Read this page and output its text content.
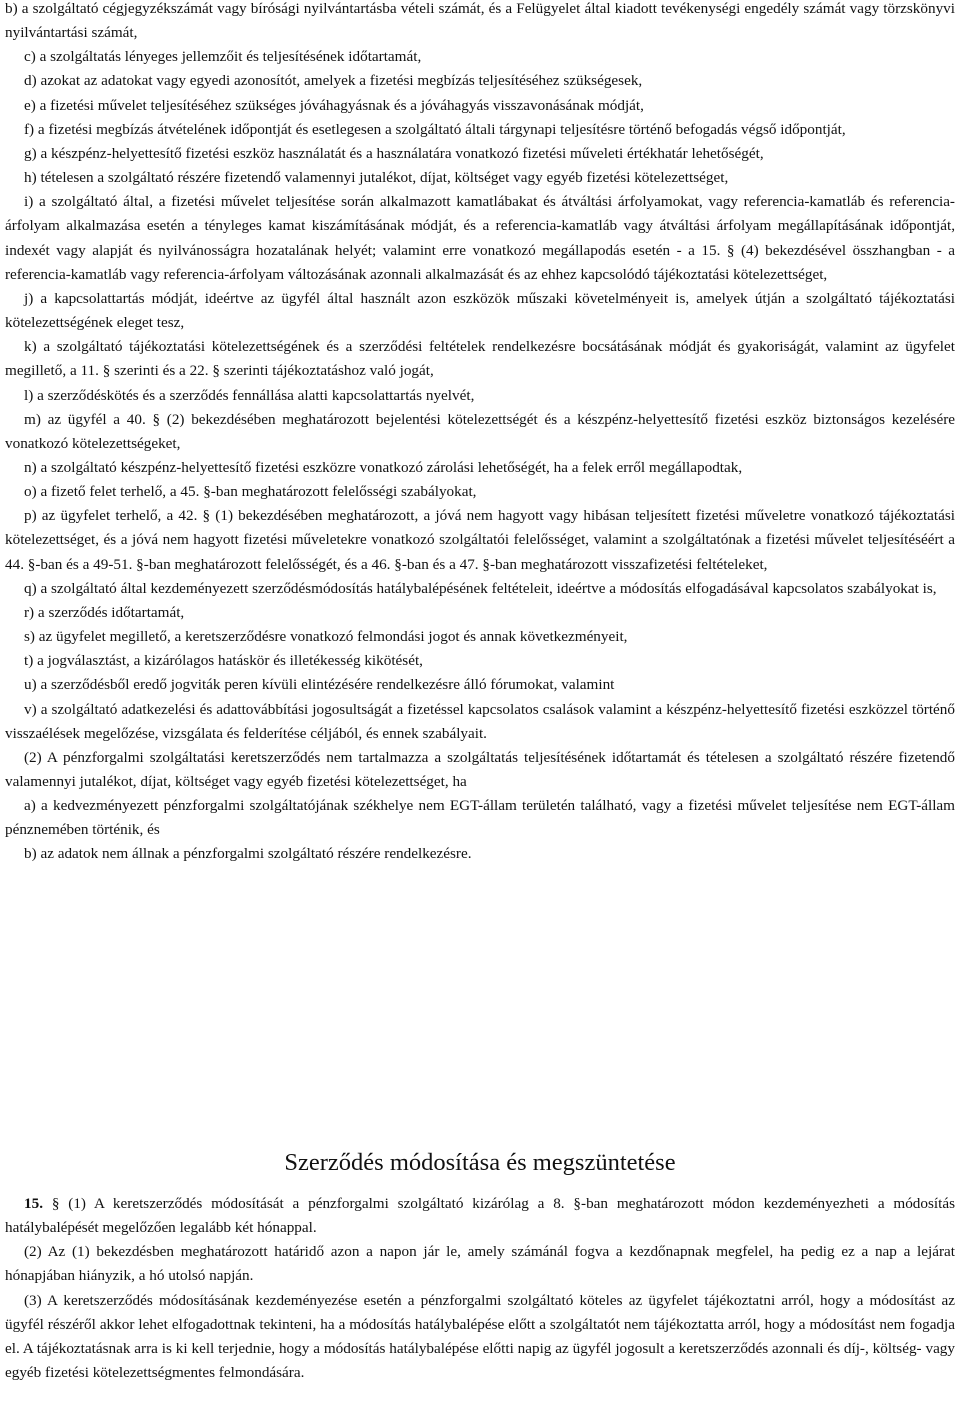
b) a szolgáltató cégjegyzékszámát vagy bírósági nyilvántartásba vételi számát, és a Felügyelet által kiadott tevékenységi engedély számát vagy törzskönyvi nyilvántartási számát,

c) a szolgáltatás lényeges jellemzőit és teljesítésének időtartamát,

d) azokat az adatokat vagy egyedi azonosítót, amelyek a fizetési megbízás teljesítéséhez szükségesek,

e) a fizetési művelet teljesítéséhez szükséges jóváhagyásnak és a jóváhagyás visszavonásának módját,

f) a fizetési megbízás átvételének időpontját és esetlegesen a szolgáltató általi tárgynapi teljesítésre történő befogadás végső időpontját,

g) a készpénz-helyettesítő fizetési eszköz használatát és a használatára vonatkozó fizetési műveleti értékhatár lehetőségét,

h) tételesen a szolgáltató részére fizetendő valamennyi jutalékot, díjat, költséget vagy egyéb fizetési kötelezettséget,

i) a szolgáltató által, a fizetési művelet teljesítése során alkalmazott kamatlábakat és átváltási árfolyamokat, vagy referencia-kamatláb és referencia-árfolyam alkalmazása esetén a tényleges kamat kiszámításának módját, és a referencia-kamatláb vagy átváltási árfolyam megállapításának időpontját, indexét vagy alapját és nyilvánosságra hozatalának helyét; valamint erre vonatkozó megállapodás esetén - a 15. § (4) bekezdésével összhangban - a referencia-kamatláb vagy referencia-árfolyam változásának azonnali alkalmazását és az ehhez kapcsolódó tájékoztatási kötelezettséget,

j) a kapcsolattartás módját, ideértve az ügyfél által használt azon eszközök műszaki követelményeit is, amelyek útján a szolgáltató tájékoztatási kötelezettségének eleget tesz,

k) a szolgáltató tájékoztatási kötelezettségének és a szerződési feltételek rendelkezésre bocsátásának módját és gyakoriságát, valamint az ügyfelet megillető, a 11. § szerinti és a 22. § szerinti tájékoztatáshoz való jogát,

l) a szerződéskötés és a szerződés fennállása alatti kapcsolattartás nyelvét,

m) az ügyfél a 40. § (2) bekezdésében meghatározott bejelentési kötelezettségét és a készpénz-helyettesítő fizetési eszköz biztonságos kezelésére vonatkozó kötelezettségeket,

n) a szolgáltató készpénz-helyettesítő fizetési eszközre vonatkozó zárolási lehetőségét, ha a felek erről megállapodtak,

o) a fizető felet terhelő, a 45. §-ban meghatározott felelősségi szabályokat,

p) az ügyfelet terhelő, a 42. § (1) bekezdésében meghatározott, a jóvá nem hagyott vagy hibásan teljesített fizetési műveletre vonatkozó tájékoztatási kötelezettséget, és a jóvá nem hagyott fizetési műveletekre vonatkozó szolgáltatói felelősséget, valamint a szolgáltatónak a fizetési művelet teljesítéséért a 44. §-ban és a 49-51. §-ban meghatározott felelősségét, és a 46. §-ban és a 47. §-ban meghatározott visszafizetési feltételeket,

q) a szolgáltató által kezdeményezett szerződésmódosítás hatálybalépésének feltételeit, ideértve a módosítás elfogadásával kapcsolatos szabályokat is,

r) a szerződés időtartamát,

s) az ügyfelet megillető, a keretszerződésre vonatkozó felmondási jogot és annak következményeit,

t) a jogválasztást, a kizárólagos hatáskör és illetékesség kikötését,

u) a szerződésből eredő jogviták peren kívüli elintézésére rendelkezésre álló fórumokat, valamint

v) a szolgáltató adatkezelési és adattovábbítási jogosultságát a fizetéssel kapcsolatos csalások valamint a készpénz-helyettesítő fizetési eszközzel történő visszaélések megelőzése, vizsgálata és felderítése céljából, és ennek szabályait.

(2) A pénzforgalmi szolgáltatási keretszerződés nem tartalmazza a szolgáltatás teljesítésének időtartamát és tételesen a szolgáltató részére fizetendő valamennyi jutalékot, díjat, költséget vagy egyéb fizetési kötelezettséget, ha

a) a kedvezményezett pénzforgalmi szolgáltatójának székhelye nem EGT-állam területén található, vagy a fizetési művelet teljesítése nem EGT-állam pénznemében történik, és

b) az adatok nem állnak a pénzforgalmi szolgáltató részére rendelkezésre.

Szerződés módosítása és megszüntetése

15. § (1) A keretszerződés módosítását a pénzforgalmi szolgáltató kizárólag a 8. §-ban meghatározott módon kezdeményezheti a módosítás hatálybalépését megelőzően legalább két hónappal.

(2) Az (1) bekezdésben meghatározott határidő azon a napon jár le, amely számánál fogva a kezdőnapnak megfelel, ha pedig ez a nap a lejárat hónapjában hiányzik, a hó utolsó napján.

(3) A keretszerződés módosításának kezdeményezése esetén a pénzforgalmi szolgáltató köteles az ügyfelet tájékoztatni arról, hogy a módosítást az ügyfél részéről akkor lehet elfogadottnak tekinteni, ha a módosítás hatálybalépése előtt a szolgáltatót nem tájékoztatta arról, hogy a módosítást nem fogadja el. A tájékoztatásnak arra is ki kell terjednie, hogy a módosítás hatálybalépése előtti napig az ügyfél jogosult a keretszerződés azonnali és díj-, költség- vagy egyéb fizetési kötelezettségmentes felmondására.
